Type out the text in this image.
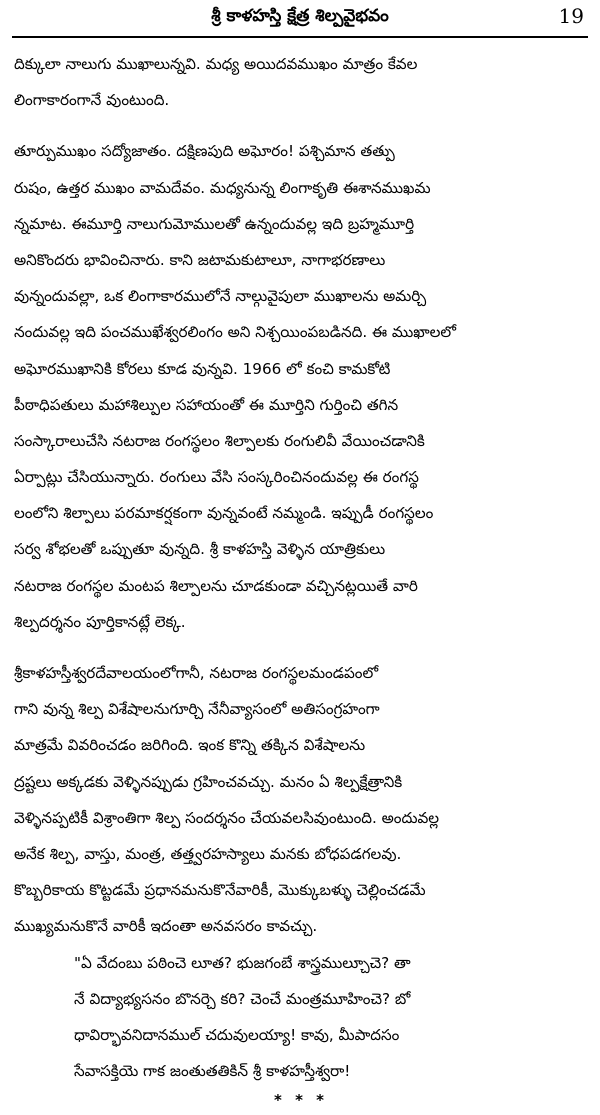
శ్రీ కాళహస్తి క్షేత్ర శిల్పవైభవం	19
దిక్కులా నాలుగు ముఖాలున్నవి. మధ్య అయిదవముఖం మాత్రం కేవల
లింగాకారంగానే వుంటుంది.
తూర్పుముఖం సద్యోజాతం. దక్షిణపుది అఘోరం! పశ్చిమాన తత్పు
రుషం, ఉత్తర ముఖం వామదేవం. మధ్యనున్న లింగాకృతి ఈశానముఖమ
న్నమాట. ఈమూర్తి నాలుగుమోములతో ఉన్నందువల్ల ఇది బ్రహ్మమూర్తి
అనికొందరు భావించినారు. కాని జటామకుటాలూ, నాగాభరణాలు
వున్నందువల్లా, ఒక లింగాకారములోనే నాల్గువైపులా ముఖాలను అమర్చి
నందువల్ల ఇది పంచముఖేశ్వరలింగం అని నిశ్చయింపబడినది. ఈ ముఖాలలో
అఘోరముఖానికి కోరలు కూడ వున్నవి. 1966 లో కంచి కామకోటి
పీఠాధిపతులు మహాశిల్పుల సహాయంతో ఈ మూర్తిని గుర్తించి తగిన
సంస్కారాలుచేసి నటరాజ రంగస్థలం శిల్పాలకు రంగులివీ వేయించడానికి
ఏర్పాట్లు చేసియున్నారు. రంగులు వేసి సంస్కరించినందువల్ల ఈ రంగస్థ
లంలోని శిల్పాలు పరమాకర్షకంగా వున్నవంటే నమ్మండి. ఇప్పుడీ రంగస్థలం
సర్వ శోభలతో ఒప్పుతూ వున్నది. శ్రీ కాళహస్తి వెళ్ళిన యాత్రికులు
నటరాజ రంగస్థల మంటప శిల్పాలను చూడకుండా వచ్చినట్లయితే వారి
శిల్పదర్శనం పూర్తికానట్లే లెక్క.
శ్రీకాళహస్తీశ్వరదేవాలయంలోగానీ, నటరాజ రంగస్థలమండపంలో
గాని వున్న శిల్ప విశేషాలనుగూర్చి నేనీవ్యాసంలో అతిసంగ్రహంగా
మాత్రమే వివరించడం జరిగింది. ఇంక కొన్ని తక్కిన విశేషాలను
ద్రష్టలు అక్కడకు వెళ్ళినప్పుడు గ్రహించవచ్చు. మనం ఏ శిల్పక్షేత్రానికి
వెళ్ళినప్పటికీ విశ్రాంతిగా శిల్ప సందర్శనం చేయవలసివుంటుంది. అందువల్ల
అనేక శిల్ప, వాస్తు, మంత్ర, తత్త్వరహస్యాలు మనకు బోధపడగలవు.
కొబ్బరికాయ కొట్టడమే ప్రధానమనుకొనేవారికీ, మొక్కుబళ్ళు చెల్లించడమే
ముఖ్యమనుకొనే వారికీ ఇదంతా అనవసరం కావచ్చు.
"ఏ వేదంబు పఠించె లూత? భుజగంబే శాస్త్రముల్చూచె? తా
నే విద్యాభ్యసనం బొనర్చె కరి? చెంచే మంత్రమూహించె? బో
ధావిర్భావనిదానముల్ చదువులయ్యా! కావు, మీపాదసం
సేవాసక్తియె గాక జంతుతతికిన్ శ్రీ కాళహస్తీశ్వరా!
* * *
